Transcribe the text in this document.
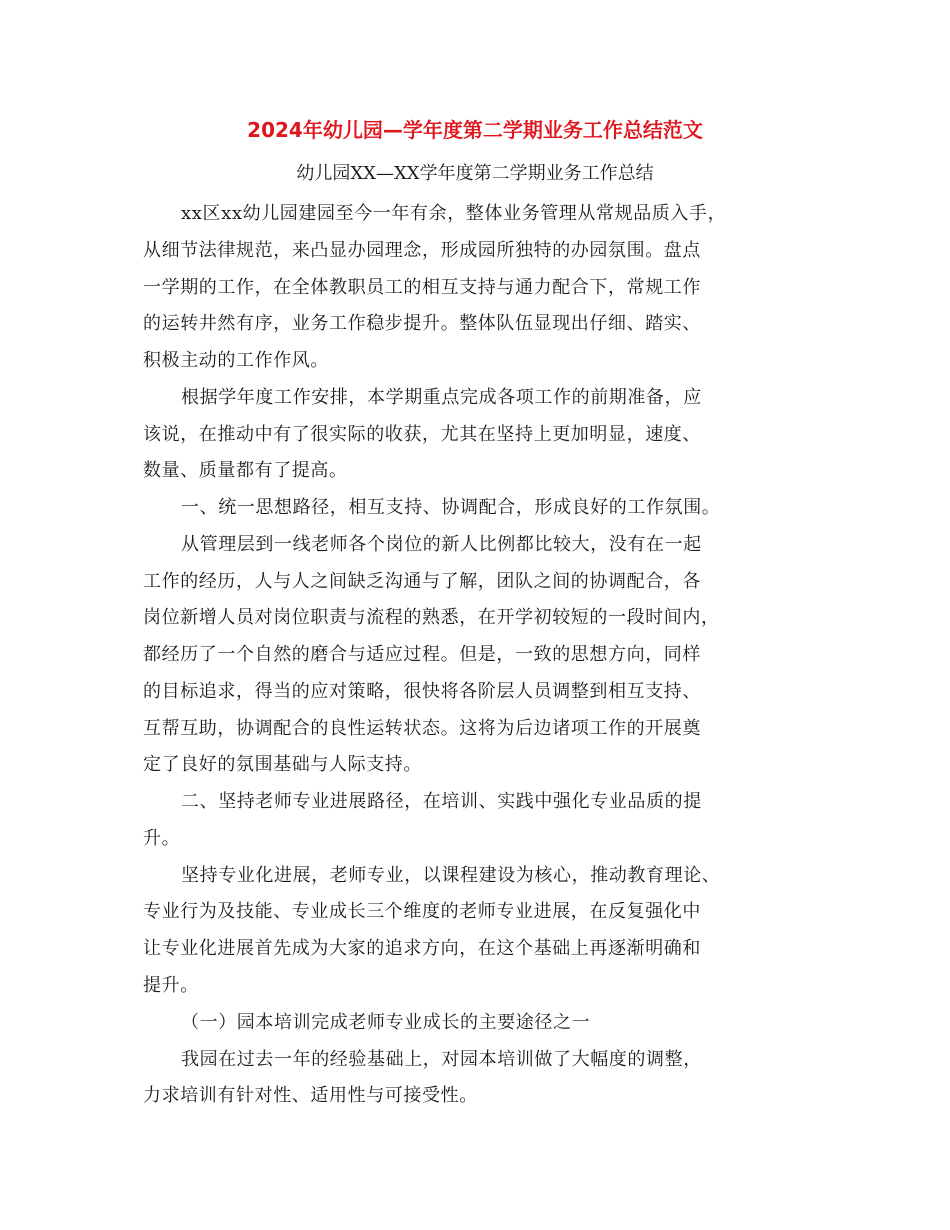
2024年幼儿园—学年度第二学期业务工作总结范文

幼儿园XX—XX学年度第二学期业务工作总结

xx区xx幼儿园建园至今一年有余，整体业务管理从常规品质入手，

从细节法律规范，来凸显办园理念，形成园所独特的办园氛围。盘点

一学期的工作，在全体教职员工的相互支持与通力配合下，常规工作

的运转井然有序，业务工作稳步提升。整体队伍显现出仔细、踏实、

积极主动的工作作风。

根据学年度工作安排，本学期重点完成各项工作的前期准备，应

该说，在推动中有了很实际的收获，尤其在坚持上更加明显，速度、

数量、质量都有了提高。

一、统一思想路径，相互支持、协调配合，形成良好的工作氛围。

从管理层到一线老师各个岗位的新人比例都比较大，没有在一起

工作的经历，人与人之间缺乏沟通与了解，团队之间的协调配合，各

岗位新增人员对岗位职责与流程的熟悉，在开学初较短的一段时间内，

都经历了一个自然的磨合与适应过程。但是，一致的思想方向，同样

的目标追求，得当的应对策略，很快将各阶层人员调整到相互支持、

互帮互助，协调配合的良性运转状态。这将为后边诸项工作的开展奠

定了良好的氛围基础与人际支持。

二、坚持老师专业进展路径，在培训、实践中强化专业品质的提

升。

坚持专业化进展，老师专业，以课程建设为核心，推动教育理论、

专业行为及技能、专业成长三个维度的老师专业进展，在反复强化中

让专业化进展首先成为大家的追求方向，在这个基础上再逐渐明确和

提升。

（一）园本培训完成老师专业成长的主要途径之一

我园在过去一年的经验基础上，对园本培训做了大幅度的调整，

力求培训有针对性、适用性与可接受性。
